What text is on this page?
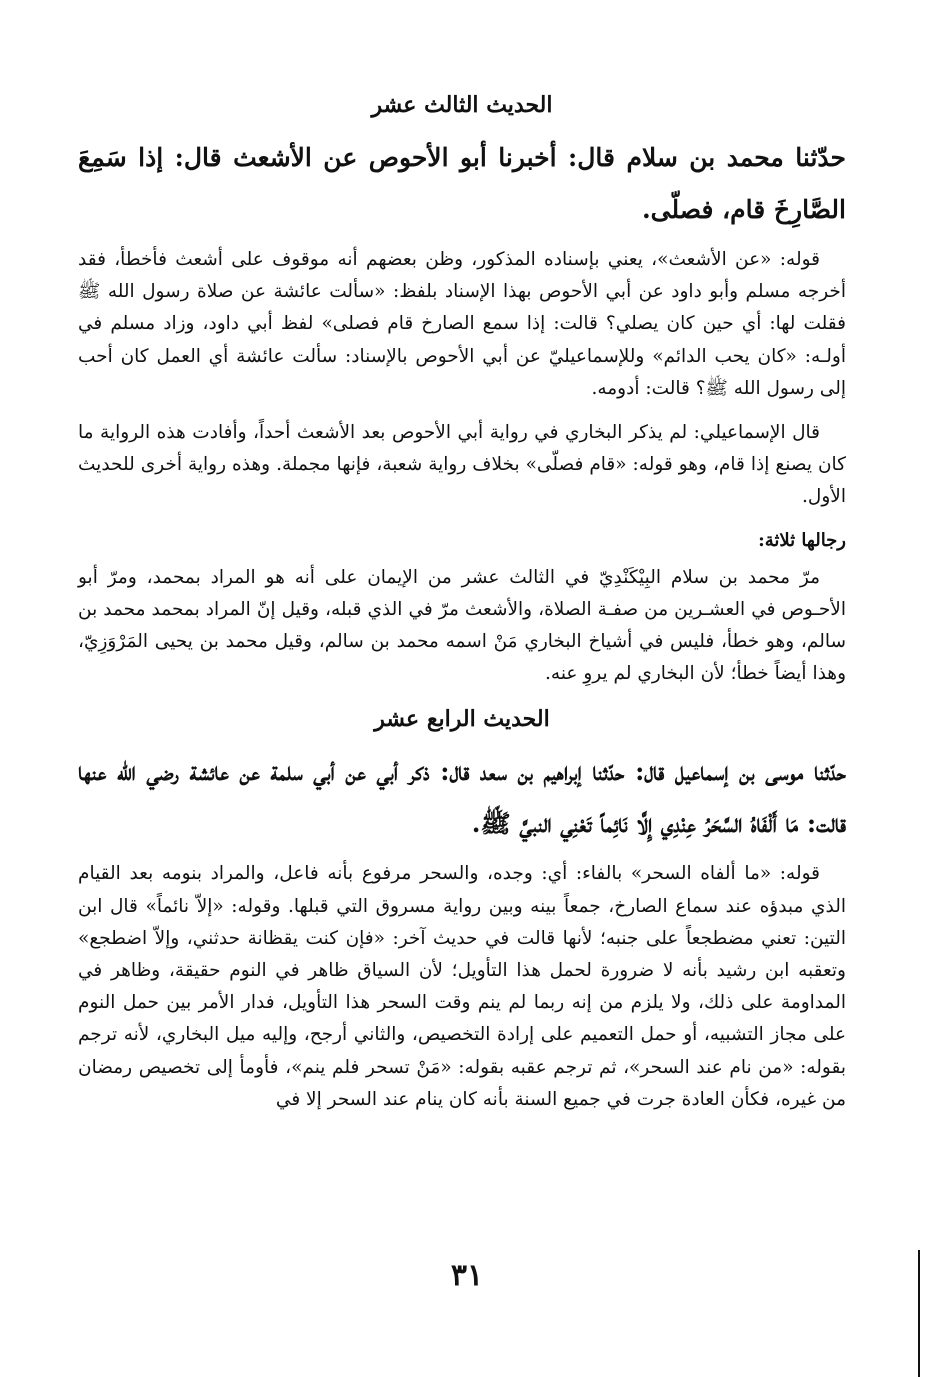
الحديث الثالث عشر

حدّثنا محمد بن سلام قال: أخبرنا أبو الأحوص عن الأشعث قال: إذا سَمِعَ الصَّارِخَ قام، فصلّى.

قوله: «عن الأشعث»، يعني بإسناده المذكور، وظن بعضهم أنه موقوف على أشعث فأخطأ، فقد أخرجه مسلم وأبو داود عن أبي الأحوص بهذا الإسناد بلفظ: «سألت عائشة عن صلاة رسول الله ﷺ فقلت لها: أي حين كان يصلي؟ قالت: إذا سمع الصارخ قام فصلى» لفظ أبي داود، وزاد مسلم في أولـه: «كان يحب الدائم» وللإسماعيليّ عن أبي الأحوص بالإسناد: سألت عائشة أي العمل كان أحب إلى رسول الله ﷺ؟ قالت: أدومه.

قال الإسماعيلي: لم يذكر البخاري في رواية أبي الأحوص بعد الأشعث أحداً، وأفادت هذه الرواية ما كان يصنع إذا قام، وهو قوله: «قام فصلّى» بخلاف رواية شعبة، فإنها مجملة. وهذه رواية أخرى للحديث الأول.

رجالها ثلاثة:

مرّ محمد بن سلام البِيْكَنْدِيّ في الثالث عشر من الإيمان على أنه هو المراد بمحمد، ومرّ أبو الأحـوص في العشـرين من صفـة الصلاة، والأشعث مرّ في الذي قبله، وقيل إنّ المراد بمحمد محمد بن سالم، وهو خطأ، فليس في أشياخ البخاري مَنْ اسمه محمد بن سالم، وقيل محمد بن يحيى المَرْوَزِيّ، وهذا أيضاً خطأ؛ لأن البخاري لم يروِ عنه.

الحديث الرابع عشر

حدّثنا موسى بن إسماعيل قال: حدّثنا إبراهيم بن سعد قال: ذكر أبي عن أبي سلمة عن عائشة رضي الله عنها قالت: مَا أَلْفَاهُ السَّحَرُ عِنْدِي إِلَّا نَائِماً تَعْنِي النبيَّ ﷺ.

قوله: «ما ألفاه السحر» بالفاء: أي: وجده، والسحر مرفوع بأنه فاعل، والمراد بنومه بعد القيام الذي مبدؤه عند سماع الصارخ، جمعاً بينه وبين رواية مسروق التي قبلها. وقوله: «إلاّ نائماً» قال ابن التين: تعني مضطجعاً على جنبه؛ لأنها قالت في حديث آخر: «فإن كنت يقظانة حدثني، وإلاّ اضطجع» وتعقبه ابن رشيد بأنه لا ضرورة لحمل هذا التأويل؛ لأن السياق ظاهر في النوم حقيقة، وظاهر في المداومة على ذلك، ولا يلزم من إنه ربما لم ينم وقت السحر هذا التأويل، فدار الأمر بين حمل النوم على مجاز التشبيه، أو حمل التعميم على إرادة التخصيص، والثاني أرجح، وإليه ميل البخاري، لأنه ترجم بقوله: «من نام عند السحر»، ثم ترجم عقبه بقوله: «مَنْ تسحر فلم ينم»، فأومأ إلى تخصيص رمضان من غيره، فكأن العادة جرت في جميع السنة بأنه كان ينام عند السحر إلا في

٣١
